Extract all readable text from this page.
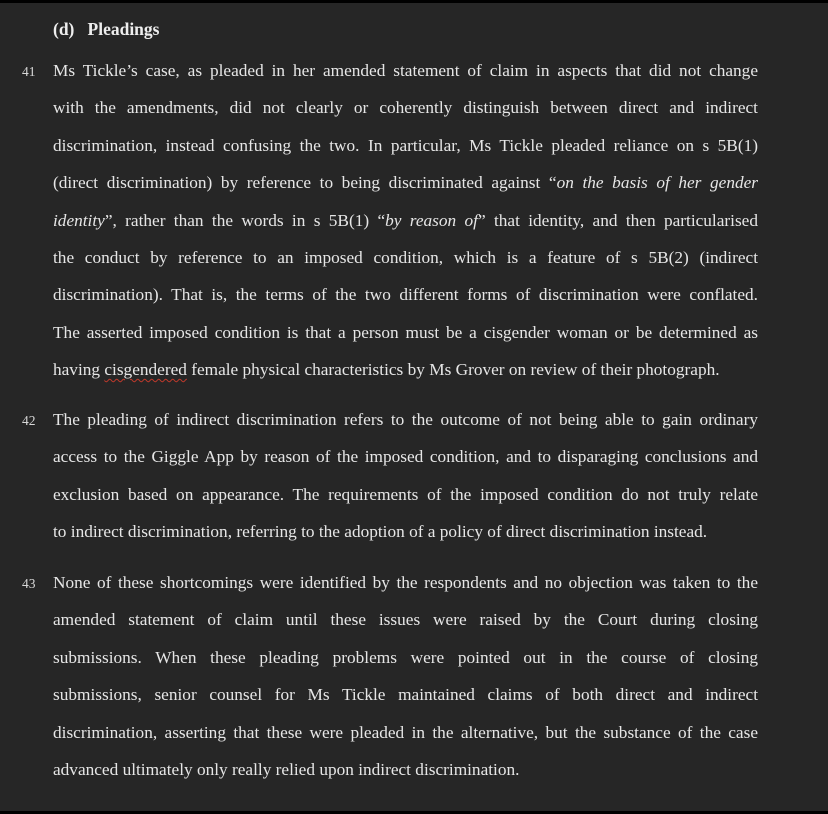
(d) Pleadings
41 Ms Tickle’s case, as pleaded in her amended statement of claim in aspects that did not change
with the amendments, did not clearly or coherently distinguish between direct and indirect
discrimination, instead confusing the two. In particular, Ms Tickle pleaded reliance on s 5B(1)
(direct discrimination) by reference to being discriminated against “on the basis of her gender
identity”, rather than the words in s 5B(1) “by reason of” that identity, and then particularised
the conduct by reference to an imposed condition, which is a feature of s 5B(2) (indirect
discrimination). That is, the terms of the two different forms of discrimination were conflated.
The asserted imposed condition is that a person must be a cisgender woman or be determined as
having cisgendered female physical characteristics by Ms Grover on review of their photograph.
42 The pleading of indirect discrimination refers to the outcome of not being able to gain ordinary
access to the Giggle App by reason of the imposed condition, and to disparaging conclusions and
exclusion based on appearance. The requirements of the imposed condition do not truly relate
to indirect discrimination, referring to the adoption of a policy of direct discrimination instead.
43 None of these shortcomings were identified by the respondents and no objection was taken to the
amended statement of claim until these issues were raised by the Court during closing
submissions. When these pleading problems were pointed out in the course of closing
submissions, senior counsel for Ms Tickle maintained claims of both direct and indirect
discrimination, asserting that these were pleaded in the alternative, but the substance of the case
advanced ultimately only really relied upon indirect discrimination.
